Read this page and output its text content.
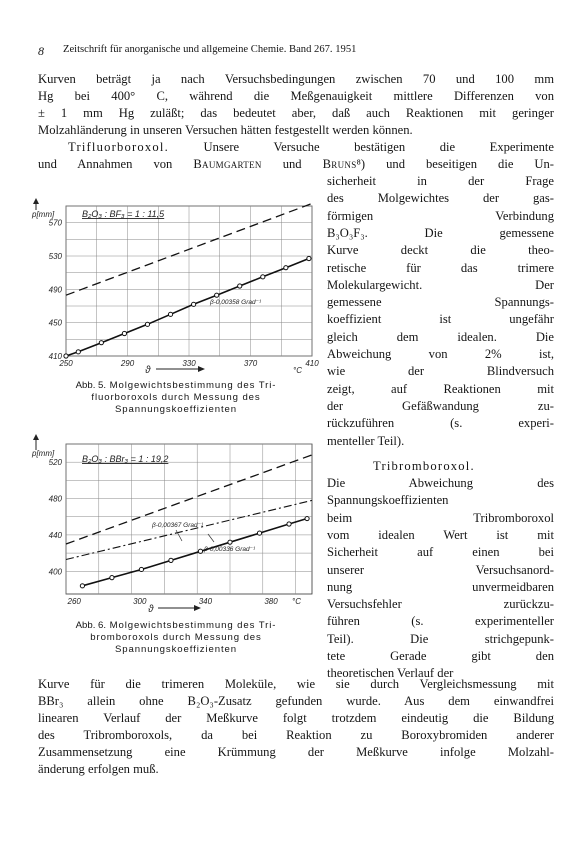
8 Zeitschrift für anorganische und allgemeine Chemie. Band 267. 1951
Kurven beträgt ja nach Versuchsbedingungen zwischen 70 und 100 mm
Hg bei 400° C, während die Meßgenauigkeit mittlere Differenzen von
± 1 mm Hg zuläßt; das bedeutet aber, daß auch Reaktionen mit geringer
Molzahländerung in unseren Versuchen hätten festgestellt werden können.
Trifluorboroxol.	Unsere Versuche bestätigen die Experimente
und Annahmen von Baumgarten und Bruns⁸) und beseitigen die Un-
sicherheit in der Frage
des Molgewichtes der gas-
förmigen Verbindung
B₃O₃F₃. Die gemessene
Kurve deckt die theo-
retische für das trimere
Molekulargewicht. Der
gemessene Spannungs-
koeffizient ist ungefähr
gleich dem idealen. Die
Abweichung von 2% ist,
wie der Blindversuch
zeigt, auf Reaktionen mit
der Gefäßwandung zu-
rückzuführen (s. experi-
menteller Teil).
Tribromboroxol.
Die Abweichung des
Spannungskoeffizienten
beim Tribromboroxol
vom idealen Wert ist mit
Sicherheit auf einen bei
unserer Versuchsanord-
nung unvermeidbaren
Versuchsfehler zurückzu-
führen (s. experimenteller
Teil). Die strichgepunk-
tete Gerade gibt den
theoretischen Verlauf der
Kurve für die trimeren Moleküle, wie sie durch Vergleichsmessung mit
BBr₃ allein ohne B₂O₃-Zusatz gefunden wurde. Aus dem einwandfrei
linearen Verlauf der Meßkurve folgt trotzdem eindeutig die Bildung
des Tribromboroxols, da bei Reaktion zu Boroxybromiden anderer
Zusammensetzung eine Krümmung der Meßkurve infolge Molzahl-
änderung erfolgen muß.
250	290	330	370	410
410
450
490
530
570
p[mm]	B₂O₃ : BF₃ = 1 : 11,5
β-0,00358 Grad⁻¹
ϑ	°C
Abb. 5. Molgewichtsbestimmung des Tri-
fluorboroxols durch Messung des
Spannungskoeffizienten
260	300	340	380
400
440
480
520
p[mm]
B₂O₃ : BBr₃ = 1 : 19,2
β-0,00367 Grad⁻¹
β-0,00336 Grad⁻¹
ϑ
°C
Abb. 6. Molgewichtsbestimmung des Tri-
bromboroxols durch Messung des
Spannungskoeffizienten
